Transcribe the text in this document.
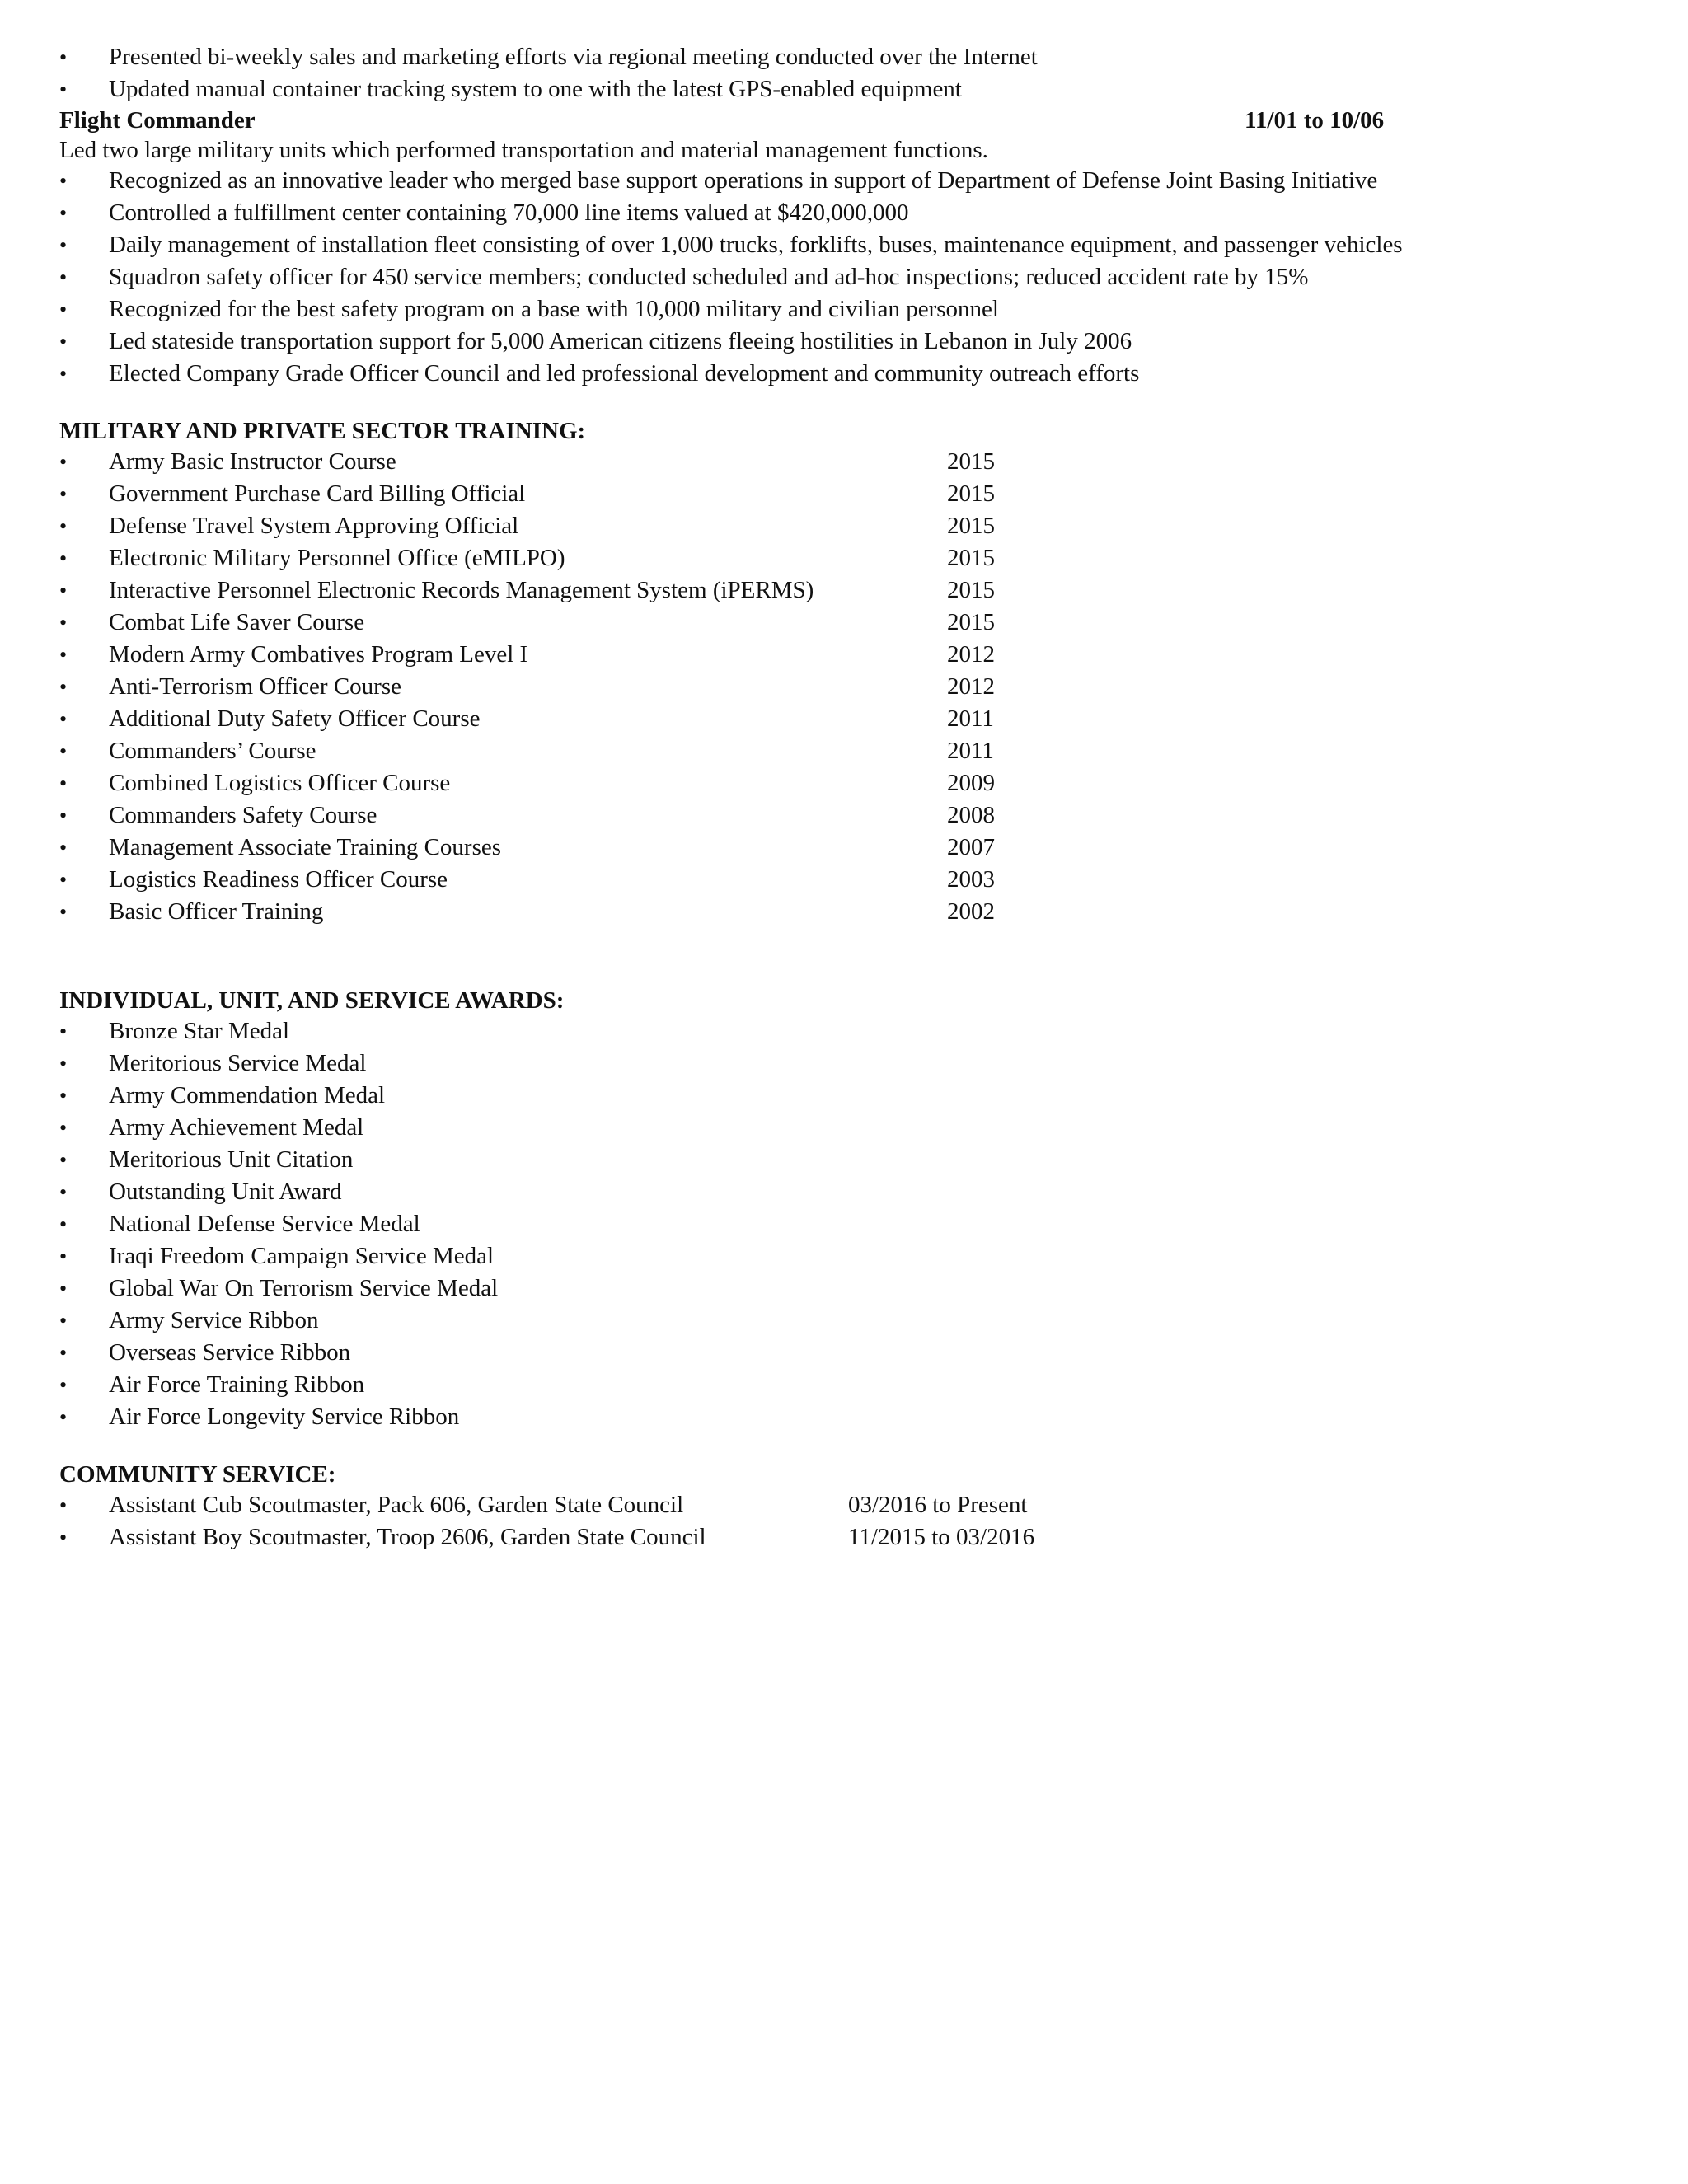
•	Presented bi-weekly sales and marketing efforts via regional meeting conducted over the Internet
•	Updated manual container tracking system to one with the latest GPS-enabled equipment
Flight Commander	11/01 to 10/06
Led two large military units which performed transportation and material management functions.
•	Recognized as an innovative leader who merged base support operations in support of Department of Defense Joint Basing Initiative
•	Controlled a fulfillment center containing 70,000 line items valued at $420,000,000
•	Daily management of installation fleet consisting of over 1,000 trucks, forklifts, buses, maintenance equipment, and passenger vehicles
•	Squadron safety officer for 450 service members; conducted scheduled and ad-hoc inspections; reduced accident rate by 15%
•	Recognized for the best safety program on a base with 10,000 military and civilian personnel
•	Led stateside transportation support for 5,000 American citizens fleeing hostilities in Lebanon in July 2006
•	Elected Company Grade Officer Council and led professional development and community outreach efforts
MILITARY AND PRIVATE SECTOR TRAINING:
•	Army Basic Instructor Course	2015
•	Government Purchase Card Billing Official	2015
•	Defense Travel System Approving Official	2015
•	Electronic Military Personnel Office (eMILPO)	2015
•	Interactive Personnel Electronic Records Management System (iPERMS)	2015
•	Combat Life Saver Course	2015
•	Modern Army Combatives Program Level I	2012
•	Anti-Terrorism Officer Course	2012
•	Additional Duty Safety Officer Course	2011
•	Commanders’ Course	2011
•	Combined Logistics Officer Course	2009
•	Commanders Safety Course	2008
•	Management Associate Training Courses	2007
•	Logistics Readiness Officer Course	2003
•	Basic Officer Training	2002
INDIVIDUAL, UNIT, AND SERVICE AWARDS:
•	Bronze Star Medal
•	Meritorious Service Medal
•	Army Commendation Medal
•	Army Achievement Medal
•	Meritorious Unit Citation
•	Outstanding Unit Award
•	National Defense Service Medal
•	Iraqi Freedom Campaign Service Medal
•	Global War On Terrorism Service Medal
•	Army Service Ribbon
•	Overseas Service Ribbon
•	Air Force Training Ribbon
•	Air Force Longevity Service Ribbon
COMMUNITY SERVICE:
•	Assistant Cub Scoutmaster, Pack 606, Garden State Council	03/2016 to Present
•	Assistant Boy Scoutmaster, Troop 2606, Garden State Council	11/2015 to 03/2016
